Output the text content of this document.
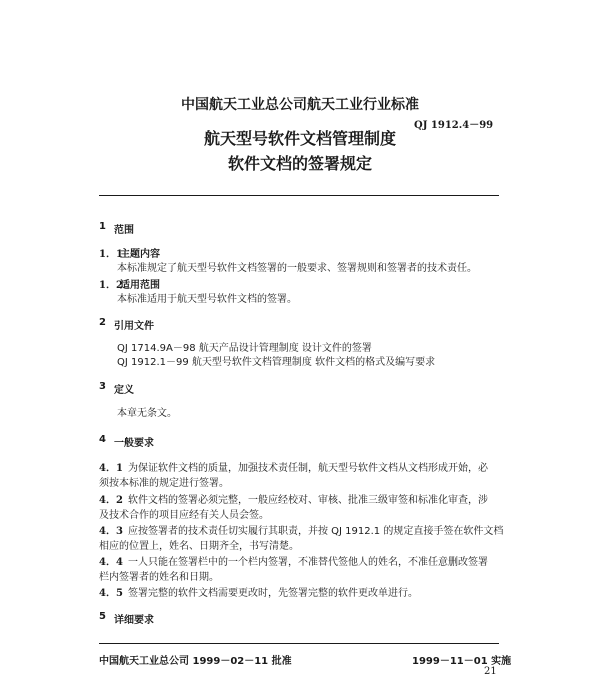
中国航天工业总公司航天工业行业标准
QJ 1912.4－99
航天型号软件文档管理制度
软件文档的签署规定
1 范围
1．1
主题内容
本标准规定了航天型号软件文档签署的一般要求、签署规则和签署者的技术责任。
1．2
适用范围
本标准适用于航天型号软件文档的签署。
2 引用文件
QJ 1714.9A－98 航天产品设计管理制度 设计文件的签署
QJ 1912.1－99 航天型号软件文档管理制度 软件文档的格式及编写要求
3 定义
本章无条文。
4 一般要求
4．1 为保证软件文档的质量，加强技术责任制，航天型号软件文档从文档形成开始，必
须按本标准的规定进行签署。
4．2 软件文档的签署必须完整，一般应经校对、审核、批准三级审签和标准化审查，涉
及技术合作的项目应经有关人员会签。
4．3 应按签署者的技术责任切实履行其职责，并按 QJ 1912.1 的规定直接手签在软件文档
相应的位置上，姓名、日期齐全，书写清楚。
4．4 一人只能在签署栏中的一个栏内签署，不准替代签他人的姓名，不准任意删改签署
栏内签署者的姓名和日期。
4．5 签署完整的软件文档需要更改时，先签署完整的软件更改单进行。
5 详细要求
中国航天工业总公司 1999－02－11 批准	1999－11－01 实施
21
